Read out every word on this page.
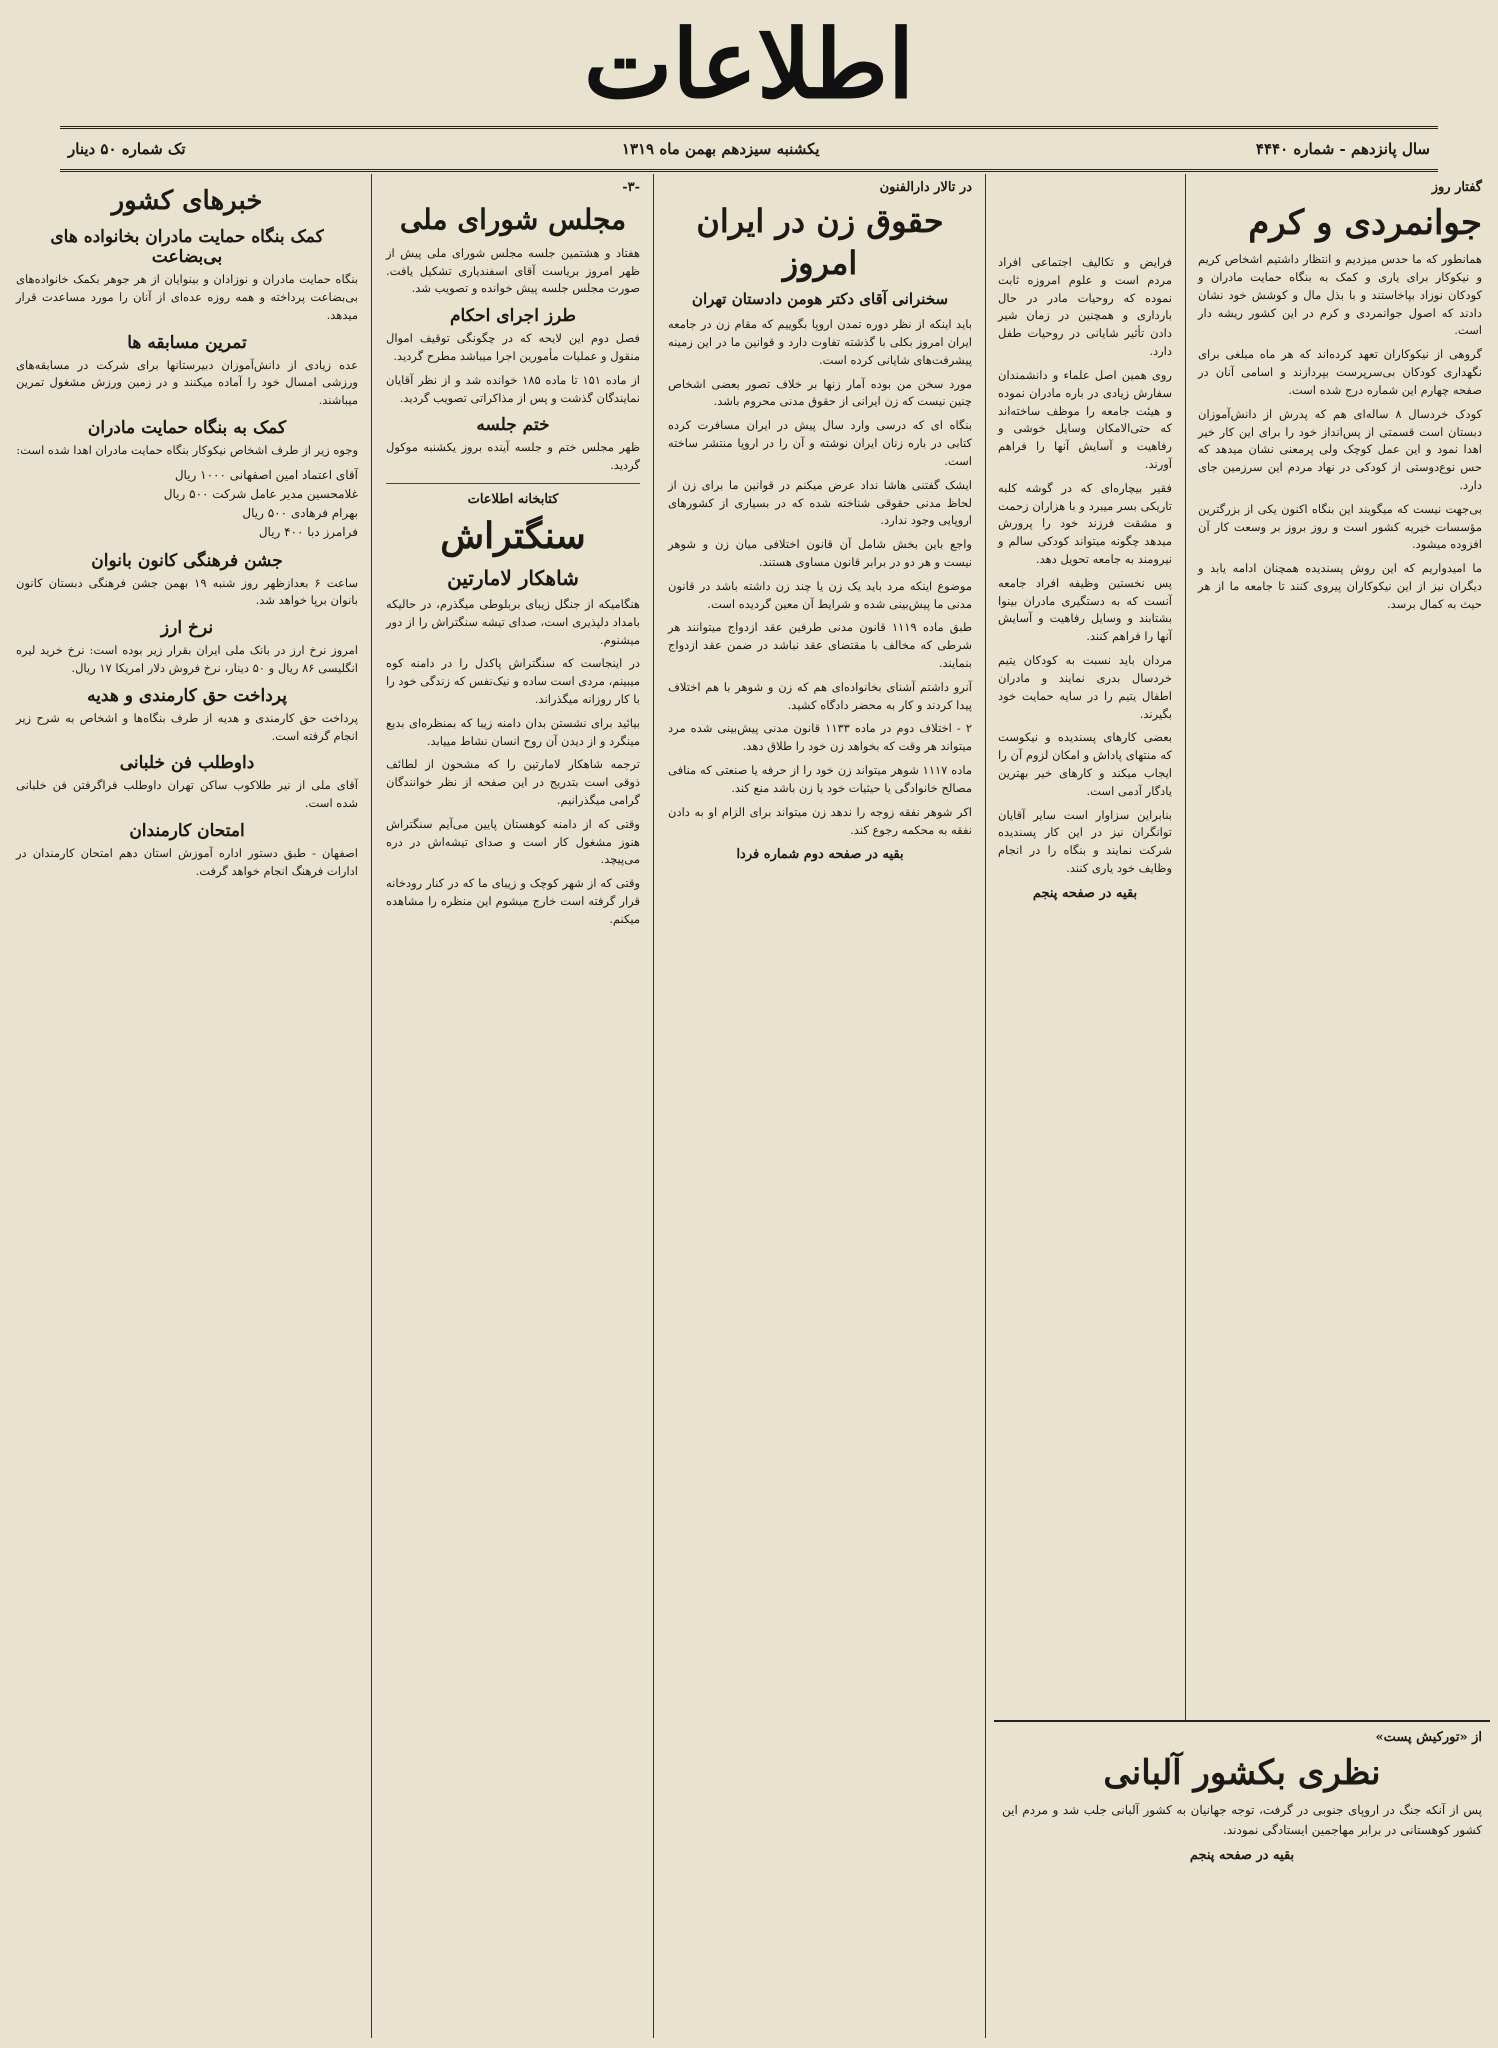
اطلاعات
سال پانزدهم - شماره ۴۴۴۰
یکشنبه سیزدهم بهمن ماه ۱۳۱۹
تک شماره ۵۰ دینار
گفتار روز
جوانمردی و کرم

همانطور که ما حدس میزدیم و انتظار داشتیم اشخاص کریم و نیکوکار برای یاری و کمک به بنگاه حمایت مادران و کودکان نوزاد بپاخاستند و با بذل مال و کوشش خود نشان دادند که اصول جوانمردی و کرم در این کشور ریشه دار است.

گروهی از نیکوکاران تعهد کرده‌اند که هر ماه مبلغی برای نگهداری کودکان بی‌سرپرست بپردازند و اسامی آنان در صفحه چهارم این شماره درج شده است.

کودک خردسال ۸ ساله‌ای هم که پدرش از دانش‌آموزان دبستان است قسمتی از پس‌انداز خود را برای این کار خیر اهدا نمود و این عمل کوچک ولی پرمعنی نشان میدهد که حس نوع‌دوستی از کودکی در نهاد مردم این سرزمین جای دارد.

بی‌جهت نیست که میگویند این بنگاه اکنون یکی از بزرگترین مؤسسات خیریه کشور است و روز بروز بر وسعت کار آن افزوده میشود.

ما امیدواریم که این روش پسندیده همچنان ادامه یابد و دیگران نیز از این نیکوکاران پیروی کنند تا جامعه ما از هر حیث به کمال برسد.

فرایض و تکالیف اجتماعی افراد مردم است و علوم امروزه ثابت نموده که روحیات مادر در حال بارداری و همچنین در زمان شیر دادن تأثیر شایانی در روحیات طفل دارد.

روی همین اصل علماء و دانشمندان سفارش زیادی در باره مادران نموده و هیئت جامعه را موظف ساخته‌اند که حتی‌الامکان وسایل خوشی و رفاهیت و آسایش آنها را فراهم آورند.

فقیر بیچاره‌ای که در گوشه کلبه تاریکی بسر میبرد و با هزاران زحمت و مشقت فرزند خود را پرورش میدهد چگونه میتواند کودکی سالم و نیرومند به جامعه تحویل دهد.

پس نخستین وظیفه افراد جامعه آنست که به دستگیری مادران بینوا بشتابند و وسایل رفاهیت و آسایش آنها را فراهم کنند.

مردان باید نسبت به کودکان یتیم خردسال بدری نمایند و مادران اطفال یتیم را در سایه حمایت خود بگیرند.

بعضی کارهای پسندیده و نیکوست که منتهای پاداش و امکان لزوم آن را ایجاب میکند و کارهای خیر بهترین یادگار آدمی است.

بنابراین سزاوار است سایر آقایان توانگران نیز در این کار پسندیده شرکت نمایند و بنگاه را در انجام وظایف خود یاری کنند.

بقیه در صفحه پنجم
در تالار دارالفنون
حقوق زن در ایران امروز
سخنرانی آقای دکتر هومن دادستان تهران

باید اینکه از نظر دوره تمدن اروپا بگوییم که مقام زن در جامعه ایران امروز بکلی با گذشته تفاوت دارد و قوانین ما در این زمینه پیشرفت‌های شایانی کرده است.

مورد سخن من بوده آمار زنها بر خلاف تصور بعضی اشخاص چنین نیست که زن ایرانی از حقوق مدنی محروم باشد.

بنگاه ای که درسی وارد سال پیش در ایران مسافرت کرده کتابی در باره زنان ایران نوشته و آن را در اروپا منتشر ساخته است.

ایشک گفتنی هاشا نداد عرض میکنم در قوانین ما برای زن از لحاظ مدنی حقوقی شناخته شده که در بسیاری از کشورهای اروپایی وجود ندارد.

واجع باین بخش شامل آن قانون اختلافی میان زن و شوهر نیست و هر دو در برابر قانون مساوی هستند.

موضوع اینکه مرد باید یک زن یا چند زن داشته باشد در قانون مدنی ما پیش‌بینی شده و شرایط آن معین گردیده است.

طبق ماده ۱۱۱۹ قانون مدنی طرفین عقد ازدواج میتوانند هر شرطی که مخالف با مقتضای عقد نباشد در ضمن عقد ازدواج بنمایند.

آنرو داشتم آشنای بخانواده‌ای هم که زن و شوهر با هم اختلاف پیدا کردند و کار به محضر دادگاه کشید.

۲ - اختلاف دوم در ماده ۱۱۳۳ قانون مدنی پیش‌بینی شده مرد میتواند هر وقت که بخواهد زن خود را طلاق دهد.

ماده ۱۱۱۷ شوهر میتواند زن خود را از حرفه یا صنعتی که منافی مصالح خانوادگی یا حیثیات خود یا زن باشد منع کند.

اکر شوهر نفقه زوجه را ندهد زن میتواند برای الزام او به دادن نفقه به محکمه رجوع کند.

بقیه در صفحه دوم شماره فردا
-۳-
مجلس شورای ملی

هفتاد و هشتمین جلسه مجلس شورای ملی پیش از ظهر امروز بریاست آقای اسفندیاری تشکیل یافت. صورت مجلس جلسه پیش خوانده و تصویب شد.

طرز اجرای احکام

فصل دوم این لایحه که در چگونگی توقیف اموال منقول و عملیات مأمورین اجرا میباشد مطرح گردید.

از ماده ۱۵۱ تا ماده ۱۸۵ خوانده شد و از نظر آقایان نمایندگان گذشت و پس از مذاکراتی تصویب گردید.

ختم جلسه

ظهر مجلس ختم و جلسه آینده بروز یکشنبه موکول گردید.

کتابخانه اطلاعات
سنگتراش
شاهکار لامارتین

هنگامیکه از جنگل زیبای بربلوطی میگذرم، در حالیکه بامداد دلپذیری است، صدای تیشه سنگتراش را از دور میشنوم.

در اینجاست که سنگتراش پاکدل را در دامنه کوه میبینم، مردی است ساده و نیک‌نفس که زندگی خود را با کار روزانه میگذراند.

بیائید برای نشستن بدان دامنه زیبا که بمنظره‌ای بدیع مینگرد و از دیدن آن روح انسان نشاط مییابد.

ترجمه شاهکار لامارتین را که مشحون از لطائف ذوقی است بتدریج در این صفحه از نظر خوانندگان گرامی میگذرانیم.

وقتی که از دامنه کوهستان پایین می‌آیم سنگتراش هنوز مشغول کار است و صدای تیشه‌اش در دره می‌پیچد.

وقتی که از شهر کوچک و زیبای ما که در کنار رودخانه قرار گرفته است خارج میشوم این منظره را مشاهده میکنم.

خبرهای کشور
کمک بنگاه حمایت مادران بخانواده های بی‌بضاعت

بنگاه حمایت مادران و نوزادان و بینوایان از هر جوهر بکمک خانواده‌های بی‌بضاعت پرداخته و همه روزه عده‌ای از آنان را مورد مساعدت قرار میدهد.

تمرین مسابقه ها

عده زیادی از دانش‌آموزان دبیرستانها برای شرکت در مسابقه‌های ورزشی امسال خود را آماده میکنند و در زمین ورزش مشغول تمرین میباشند.

کمک به بنگاه حمایت مادران

وجوه زیر از طرف اشخاص نیکوکار بنگاه حمایت مادران اهدا شده است:

آقای اعتماد امین اصفهانی ۱۰۰۰ ریال
غلامحسین مدیر عامل شرکت ۵۰۰ ریال
بهرام فرهادی ۵۰۰ ریال
فرامرز دبا ۴۰۰ ریال
جشن فرهنگی کانون بانوان

ساعت ۶ بعدازظهر روز شنبه ۱۹ بهمن جشن فرهنگی دبستان کانون بانوان برپا خواهد شد.

نرخ ارز

امروز نرخ ارز در بانک ملی ایران بقرار زیر بوده است: نرخ خرید لیره انگلیسی ۸۶ ریال و ۵۰ دینار، نرخ فروش دلار امریکا ۱۷ ریال.

پرداخت حق کارمندی و هدیه

پرداخت حق کارمندی و هدیه از طرف بنگاه‌ها و اشخاص به شرح زیر انجام گرفته است.

داوطلب فن خلبانی

آقای ملی از نیر طلاکوب ساکن تهران داوطلب فراگرفتن فن خلبانی شده است.

امتحان کارمندان

اصفهان - طبق دستور اداره آموزش استان دهم امتحان کارمندان در ادارات فرهنگ انجام خواهد گرفت.

از «تورکیش پست»
نظری بکشور آلبانی

پس از آنکه جنگ در اروپای جنوبی در گرفت، توجه جهانیان به کشور آلبانی جلب شد و مردم این کشور کوهستانی در برابر مهاجمین ایستادگی نمودند.

بقیه در صفحه پنجم
